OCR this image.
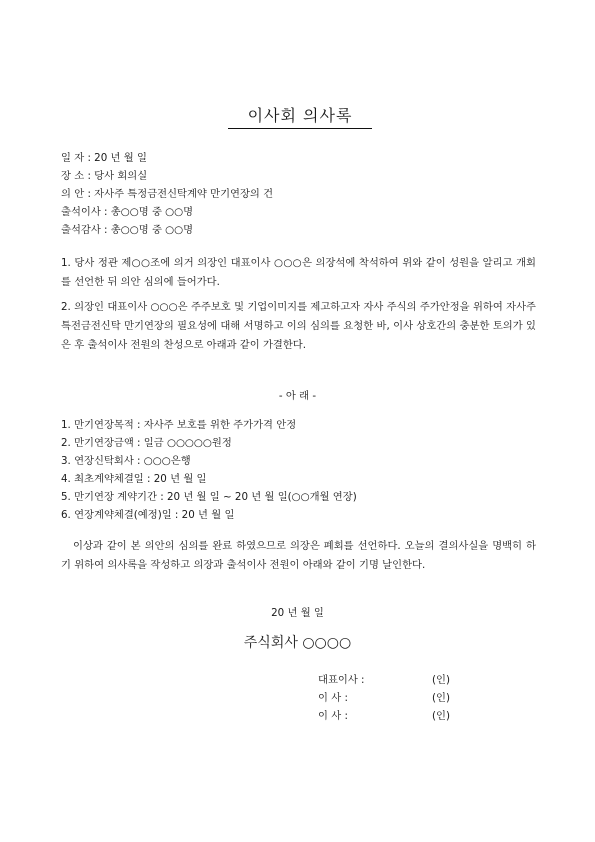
이사회 의사록
일 자 : 20 년 월 일
장 소 : 당사 회의실
의 안 : 자사주 특정금전신탁계약 만기연장의 건
출석이사 : 총○○명 중 ○○명
출석감사 : 총○○명 중 ○○명
1. 당사 정관 제○○조에 의거 의장인 대표이사 ○○○은 의장석에 착석하여 위와 같이 성원을 알리고 개회를 선언한 뒤 의안 심의에 들어가다.
2. 의장인 대표이사 ○○○은 주주보호 및 기업이미지를 제고하고자 자사 주식의 주가안정을 위하여 자사주 특전금전신탁 만기연장의 필요성에 대해 서명하고 이의 심의를 요청한 바, 이사 상호간의 충분한 토의가 있은 후 출석이사 전원의 찬성으로 아래과 같이 가결한다.
- 아 래 -
1. 만기연장목적 : 자사주 보호를 위한 주가가격 안정
2. 만기연장금액 : 일금 ○○○○○원정
3. 연장신탁회사 : ○○○은행
4. 최초계약체결일 : 20 년 월 일
5. 만기연장 계약기간 : 20 년 월 일 ~ 20 년 월 일(○○개월 연장)
6. 연장계약체결(예정)일 : 20 년 월 일
이상과 같이 본 의안의 심의를 완료 하였으므로 의장은 폐회를 선언하다. 오늘의 결의사실을 명백히 하기 위하여 의사록을 작성하고 의장과 출석이사 전원이 아래와 같이 기명 날인한다.
20 년 월 일
주식회사 ○○○○
대표이사 :	(인)
이 사 :	(인)
이 사 :	(인)
